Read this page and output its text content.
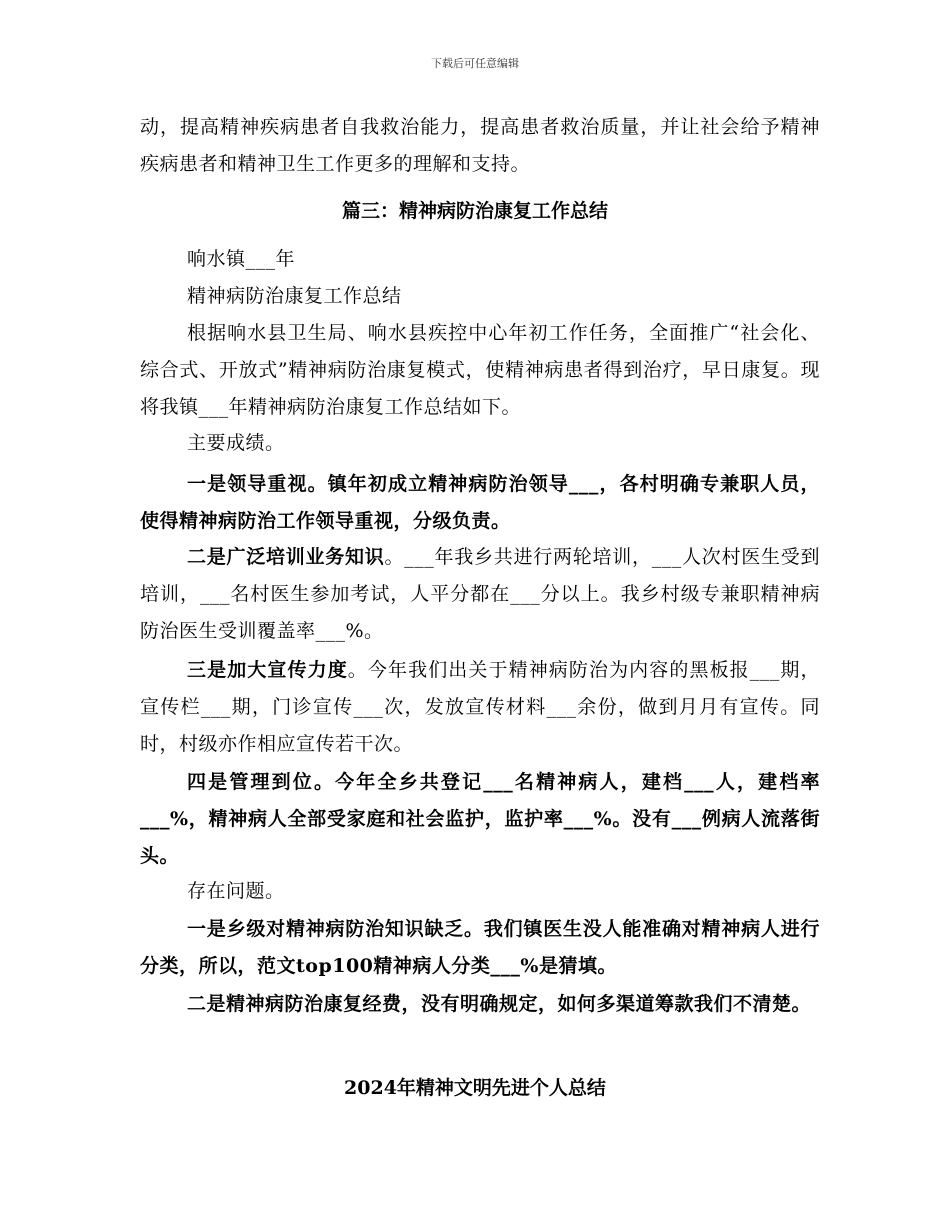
下载后可任意编辑
动，提高精神疾病患者自我救治能力，提高患者救治质量，并让社会给予精神疾病患者和精神卫生工作更多的理解和支持。
篇三：精神病防治康复工作总结
响水镇___年
精神病防治康复工作总结
根据响水县卫生局、响水县疾控中心年初工作任务，全面推广“社会化、综合式、开放式”精神病防治康复模式，使精神病患者得到治疗，早日康复。现将我镇___年精神病防治康复工作总结如下。
主要成绩。
一是领导重视。镇年初成立精神病防治领导___，各村明确专兼职人员，使得精神病防治工作领导重视，分级负责。
二是广泛培训业务知识。___年我乡共进行两轮培训，___人次村医生受到培训，___名村医生参加考试，人平分都在___分以上。我乡村级专兼职精神病防治医生受训覆盖率___%。
三是加大宣传力度。今年我们出关于精神病防治为内容的黑板报___期，宣传栏___期，门诊宣传___次，发放宣传材料___余份，做到月月有宣传。同时，村级亦作相应宣传若干次。
四是管理到位。今年全乡共登记___名精神病人，建档___人，建档率___%，精神病人全部受家庭和社会监护，监护率___%。没有___例病人流落街头。
存在问题。
一是乡级对精神病防治知识缺乏。我们镇医生没人能准确对精神病人进行分类，所以，范文top100精神病人分类___%是猜填。
二是精神病防治康复经费，没有明确规定，如何多渠道筹款我们不清楚。
2024年精神文明先进个人总结
